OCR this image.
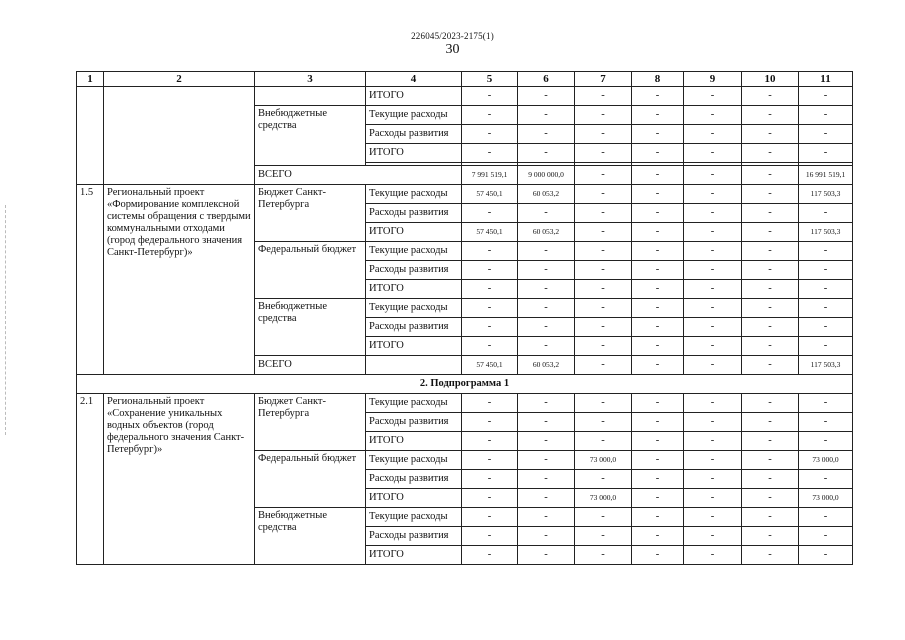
226045/2023-2175(1)
30
1	2	3	4	5	6	7	8	9	10	11
			ИТОГО	-	-	-	-	-	-	-
		Внебюджетные средства	Текущие расходы	-	-	-	-	-	-	-
			Расходы развития	-	-	-	-	-	-	-
			ИТОГО	-	-	-	-	-	-	-

		ВСЕГО		7 991 519,1	9 000 000,0	-	-	-	-	16 991 519,1
1.5	Региональный проект «Формирование комплексной системы обращения с твердыми коммунальными отходами (город федерального значения Санкт-Петербург)»	Бюджет Санкт-Петербурга	Текущие расходы	57 450,1	60 053,2	-	-	-	-	117 503,3
			Расходы развития	-	-	-	-	-	-	-
			ИТОГО	57 450,1	60 053,2	-	-	-	-	117 503,3
		Федеральный бюджет	Текущие расходы	-	-	-	-	-	-	-
			Расходы развития	-	-	-	-	-	-	-
			ИТОГО	-	-	-	-	-	-	-
		Внебюджетные средства	Текущие расходы	-	-	-	-	-	-	-
			Расходы развития	-	-	-	-	-	-	-
			ИТОГО	-	-	-	-	-	-	-
		ВСЕГО		57 450,1	60 053,2	-	-	-	-	117 503,3
2. Подпрограмма 1										
2.1	Региональный проект «Сохранение уникальных водных объектов (город федерального значения Санкт-Петербург)»	Бюджет Санкт-Петербурга	Текущие расходы	-	-	-	-	-	-	-
			Расходы развития	-	-	-	-	-	-	-
			ИТОГО	-	-	-	-	-	-	-
		Федеральный бюджет	Текущие расходы	-	-	73 000,0	-	-	-	73 000,0
			Расходы развития	-	-	-	-	-	-	-
			ИТОГО	-	-	73 000,0	-	-	-	73 000,0
		Внебюджетные средства	Текущие расходы	-	-	-	-	-	-	-
			Расходы развития	-	-	-	-	-	-	-
			ИТОГО	-	-	-	-	-	-	-
